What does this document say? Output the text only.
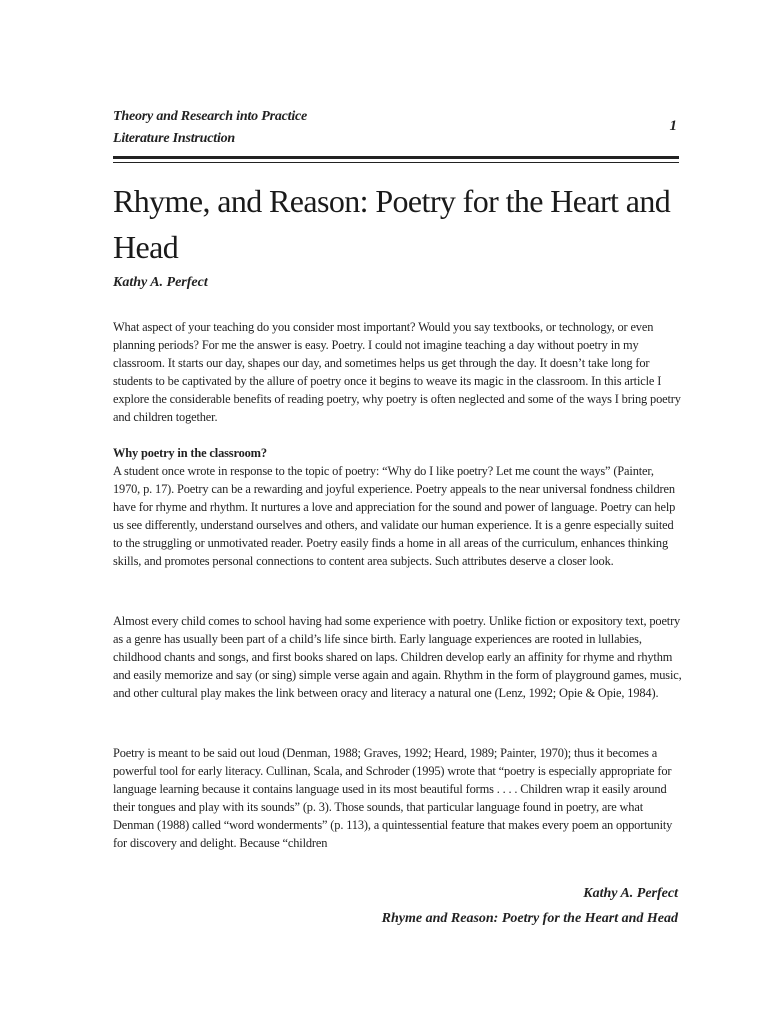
Theory and Research into Practice
Literature Instruction
1
Rhyme, and Reason: Poetry for the Heart and Head
Kathy A. Perfect

What aspect of your teaching do you consider most important? Would you say textbooks, or technology, or even planning periods? For me the answer is easy. Poetry. I could not imagine teaching a day without poetry in my classroom. It starts our day, shapes our day, and sometimes helps us get through the day. It doesn’t take long for students to be captivated by the allure of poetry once it begins to weave its magic in the classroom. In this article I explore the considerable benefits of reading poetry, why poetry is often neglected and some of the ways I bring poetry and children together.

Why poetry in the classroom?

A student once wrote in response to the topic of poetry: “Why do I like poetry? Let me count the ways” (Painter, 1970, p. 17). Poetry can be a rewarding and joyful experience. Poetry appeals to the near universal fondness children have for rhyme and rhythm. It nurtures a love and appreciation for the sound and power of language. Poetry can help us see differently, understand ourselves and others, and validate our human experience. It is a genre especially suited to the struggling or unmotivated reader. Poetry easily finds a home in all areas of the curriculum, enhances thinking skills, and promotes personal connections to content area subjects. Such attributes deserve a closer look.

Almost every child comes to school having had some experience with poetry. Unlike fiction or expository text, poetry as a genre has usually been part of a child’s life since birth. Early language experiences are rooted in lullabies, childhood chants and songs, and first books shared on laps. Children develop early an affinity for rhyme and rhythm and easily memorize and say (or sing) simple verse again and again. Rhythm in the form of playground games, music, and other cultural play makes the link between oracy and literacy a natural one (Lenz, 1992; Opie & Opie, 1984).

Poetry is meant to be said out loud (Denman, 1988; Graves, 1992; Heard, 1989; Painter, 1970); thus it becomes a powerful tool for early literacy. Cullinan, Scala, and Schroder (1995) wrote that “poetry is especially appropriate for language learning because it contains language used in its most beautiful forms . . . . Children wrap it easily around their tongues and play with its sounds” (p. 3). Those sounds, that particular language found in poetry, are what Denman (1988) called “word wonderments” (p. 113), a quintessential feature that makes every poem an opportunity for discovery and delight. Because “children

Kathy A. Perfect
Rhyme and Reason: Poetry for the Heart and Head
